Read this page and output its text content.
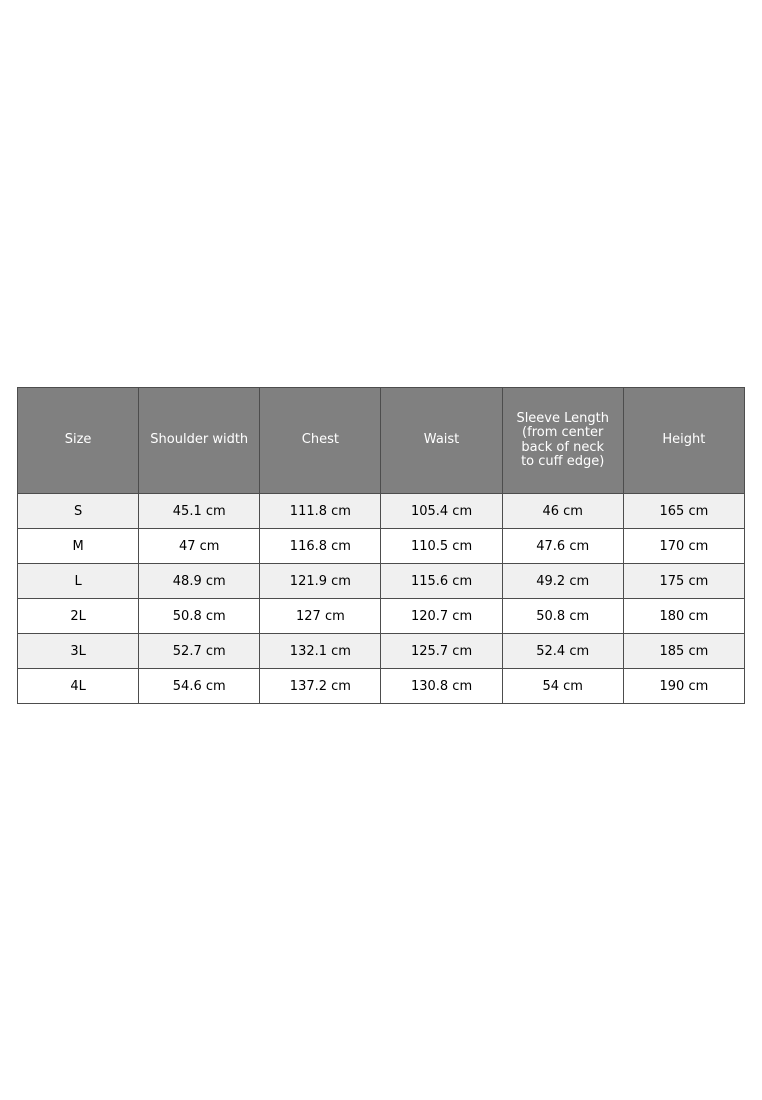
Size	Shoulder width	Chest	Waist	Sleeve Length (from center back of neck to cuff edge)	Height
S	45.1 cm	111.8 cm	105.4 cm	46 cm	165 cm
M	47 cm	116.8 cm	110.5 cm	47.6 cm	170 cm
L	48.9 cm	121.9 cm	115.6 cm	49.2 cm	175 cm
2L	50.8 cm	127 cm	120.7 cm	50.8 cm	180 cm
3L	52.7 cm	132.1 cm	125.7 cm	52.4 cm	185 cm
4L	54.6 cm	137.2 cm	130.8 cm	54 cm	190 cm
